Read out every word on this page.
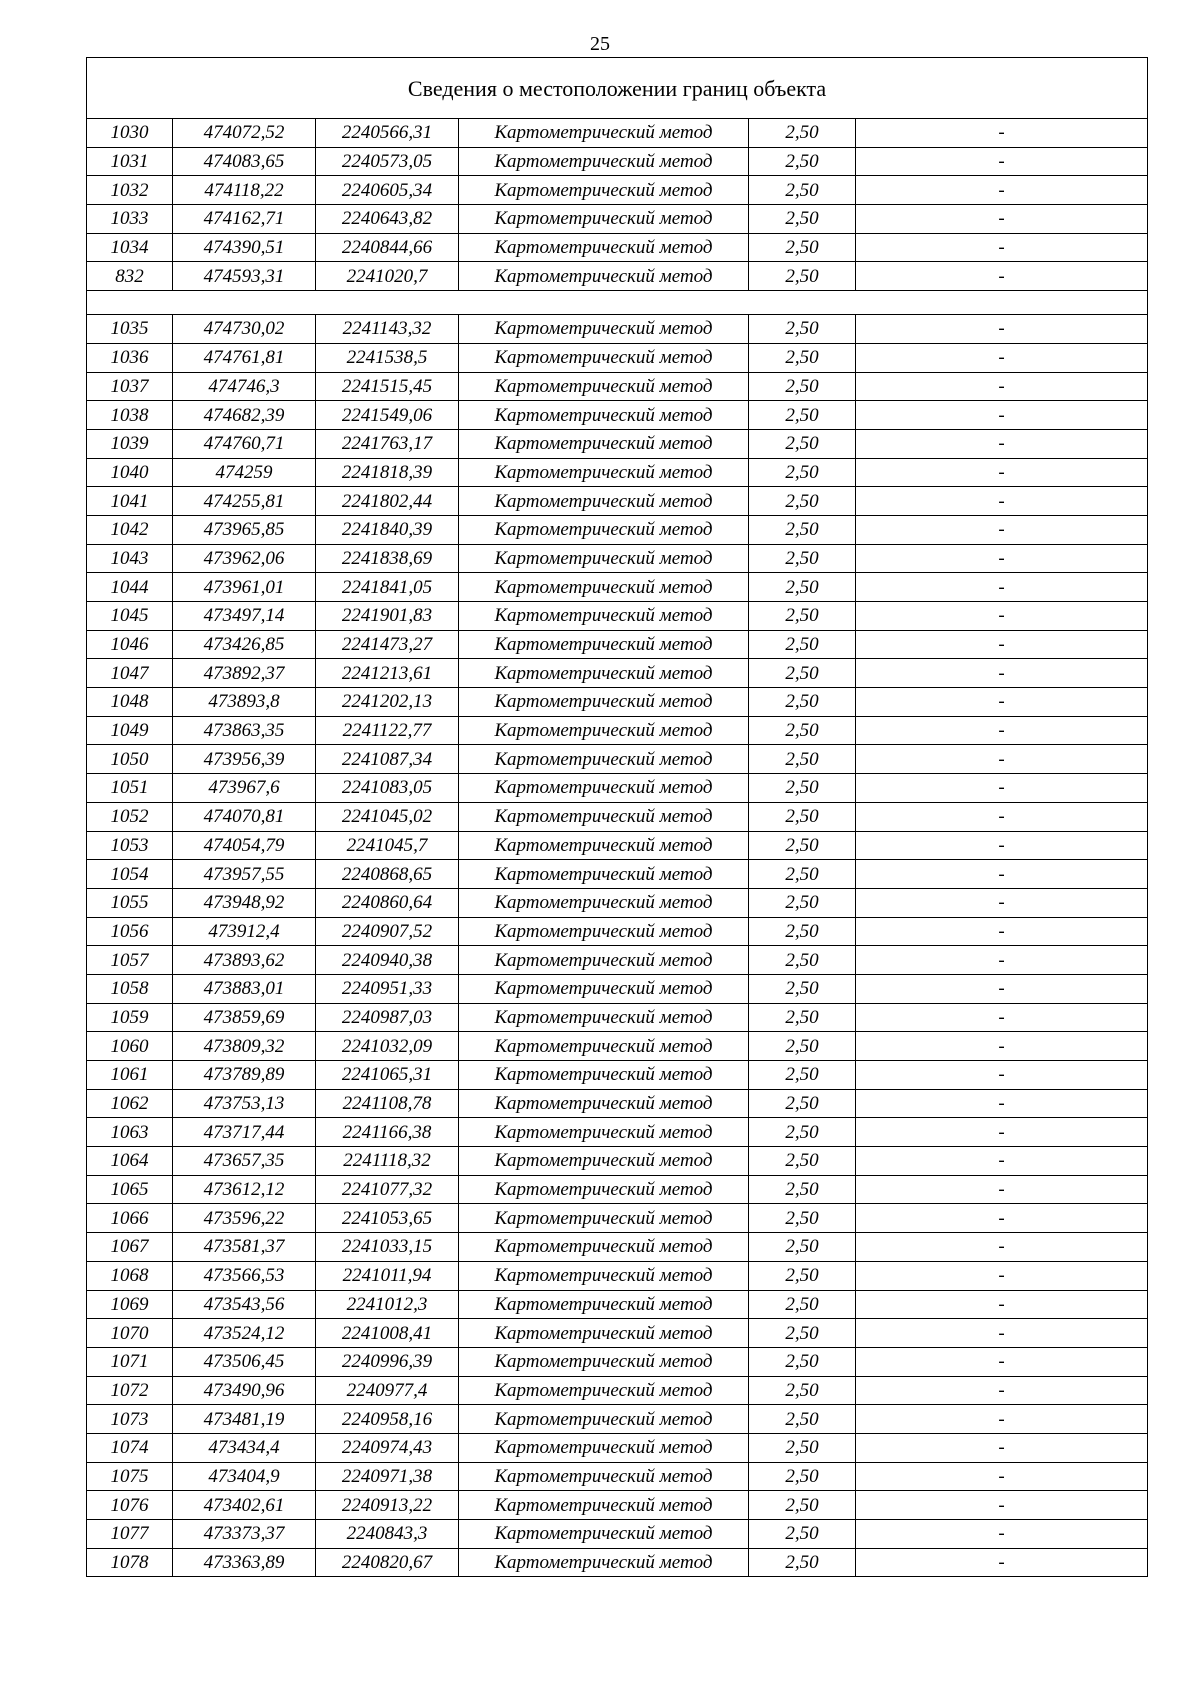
25
Сведения о местоположении границ объекта					
1030	474072,52	2240566,31	Картометрический метод	2,50	-
1031	474083,65	2240573,05	Картометрический метод	2,50	-
1032	474118,22	2240605,34	Картометрический метод	2,50	-
1033	474162,71	2240643,82	Картометрический метод	2,50	-
1034	474390,51	2240844,66	Картометрический метод	2,50	-
832	474593,31	2241020,7	Картометрический метод	2,50	-

1035	474730,02	2241143,32	Картометрический метод	2,50	-
1036	474761,81	2241538,5	Картометрический метод	2,50	-
1037	474746,3	2241515,45	Картометрический метод	2,50	-
1038	474682,39	2241549,06	Картометрический метод	2,50	-
1039	474760,71	2241763,17	Картометрический метод	2,50	-
1040	474259	2241818,39	Картометрический метод	2,50	-
1041	474255,81	2241802,44	Картометрический метод	2,50	-
1042	473965,85	2241840,39	Картометрический метод	2,50	-
1043	473962,06	2241838,69	Картометрический метод	2,50	-
1044	473961,01	2241841,05	Картометрический метод	2,50	-
1045	473497,14	2241901,83	Картометрический метод	2,50	-
1046	473426,85	2241473,27	Картометрический метод	2,50	-
1047	473892,37	2241213,61	Картометрический метод	2,50	-
1048	473893,8	2241202,13	Картометрический метод	2,50	-
1049	473863,35	2241122,77	Картометрический метод	2,50	-
1050	473956,39	2241087,34	Картометрический метод	2,50	-
1051	473967,6	2241083,05	Картометрический метод	2,50	-
1052	474070,81	2241045,02	Картометрический метод	2,50	-
1053	474054,79	2241045,7	Картометрический метод	2,50	-
1054	473957,55	2240868,65	Картометрический метод	2,50	-
1055	473948,92	2240860,64	Картометрический метод	2,50	-
1056	473912,4	2240907,52	Картометрический метод	2,50	-
1057	473893,62	2240940,38	Картометрический метод	2,50	-
1058	473883,01	2240951,33	Картометрический метод	2,50	-
1059	473859,69	2240987,03	Картометрический метод	2,50	-
1060	473809,32	2241032,09	Картометрический метод	2,50	-
1061	473789,89	2241065,31	Картометрический метод	2,50	-
1062	473753,13	2241108,78	Картометрический метод	2,50	-
1063	473717,44	2241166,38	Картометрический метод	2,50	-
1064	473657,35	2241118,32	Картометрический метод	2,50	-
1065	473612,12	2241077,32	Картометрический метод	2,50	-
1066	473596,22	2241053,65	Картометрический метод	2,50	-
1067	473581,37	2241033,15	Картометрический метод	2,50	-
1068	473566,53	2241011,94	Картометрический метод	2,50	-
1069	473543,56	2241012,3	Картометрический метод	2,50	-
1070	473524,12	2241008,41	Картометрический метод	2,50	-
1071	473506,45	2240996,39	Картометрический метод	2,50	-
1072	473490,96	2240977,4	Картометрический метод	2,50	-
1073	473481,19	2240958,16	Картометрический метод	2,50	-
1074	473434,4	2240974,43	Картометрический метод	2,50	-
1075	473404,9	2240971,38	Картометрический метод	2,50	-
1076	473402,61	2240913,22	Картометрический метод	2,50	-
1077	473373,37	2240843,3	Картометрический метод	2,50	-
1078	473363,89	2240820,67	Картометрический метод	2,50	-
